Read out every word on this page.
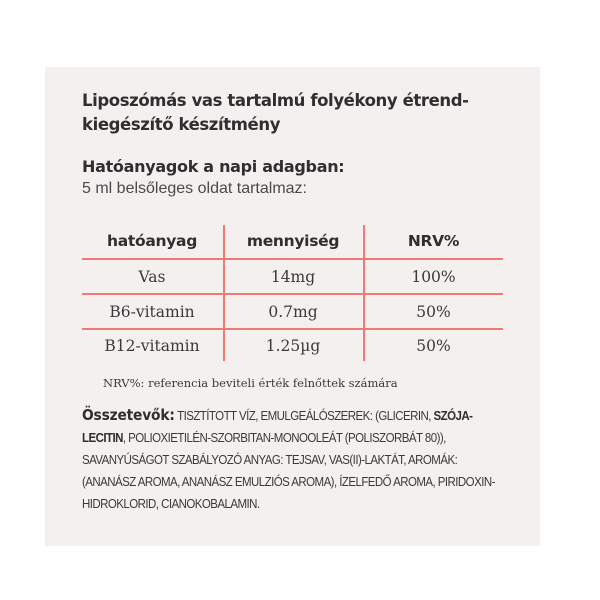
Liposzómás vas tartalmú folyékony étrend-
kiegészítő készítmény
Hatóanyagok a napi adagban:
5 ml belsőleges oldat tartalmaz:
hatóanyag	mennyiség	NRV%
Vas	14mg	100%
B6-vitamin	0.7mg	50%
B12-vitamin	1.25µg	50%
NRV%: referencia beviteli érték felnőttek számára
Összetevők: TISZTÍTOTT VÍZ, EMULGEÁLÓSZEREK: (GLICERIN, SZÓJA-LECITIN, POLIOXIETILÉN-SZORBITAN-MONOOLEÁT (POLISZORBÁT 80)), SAVANYÚSÁGOT SZABÁLYOZÓ ANYAG: TEJSAV, VAS(II)-LAKTÁT, AROMÁK: (ANANÁSZ AROMA, ANANÁSZ EMULZIÓS AROMA), ÍZELFEDŐ AROMA, PIRIDOXIN-HIDROKLORID, CIANOKOBALAMIN.
